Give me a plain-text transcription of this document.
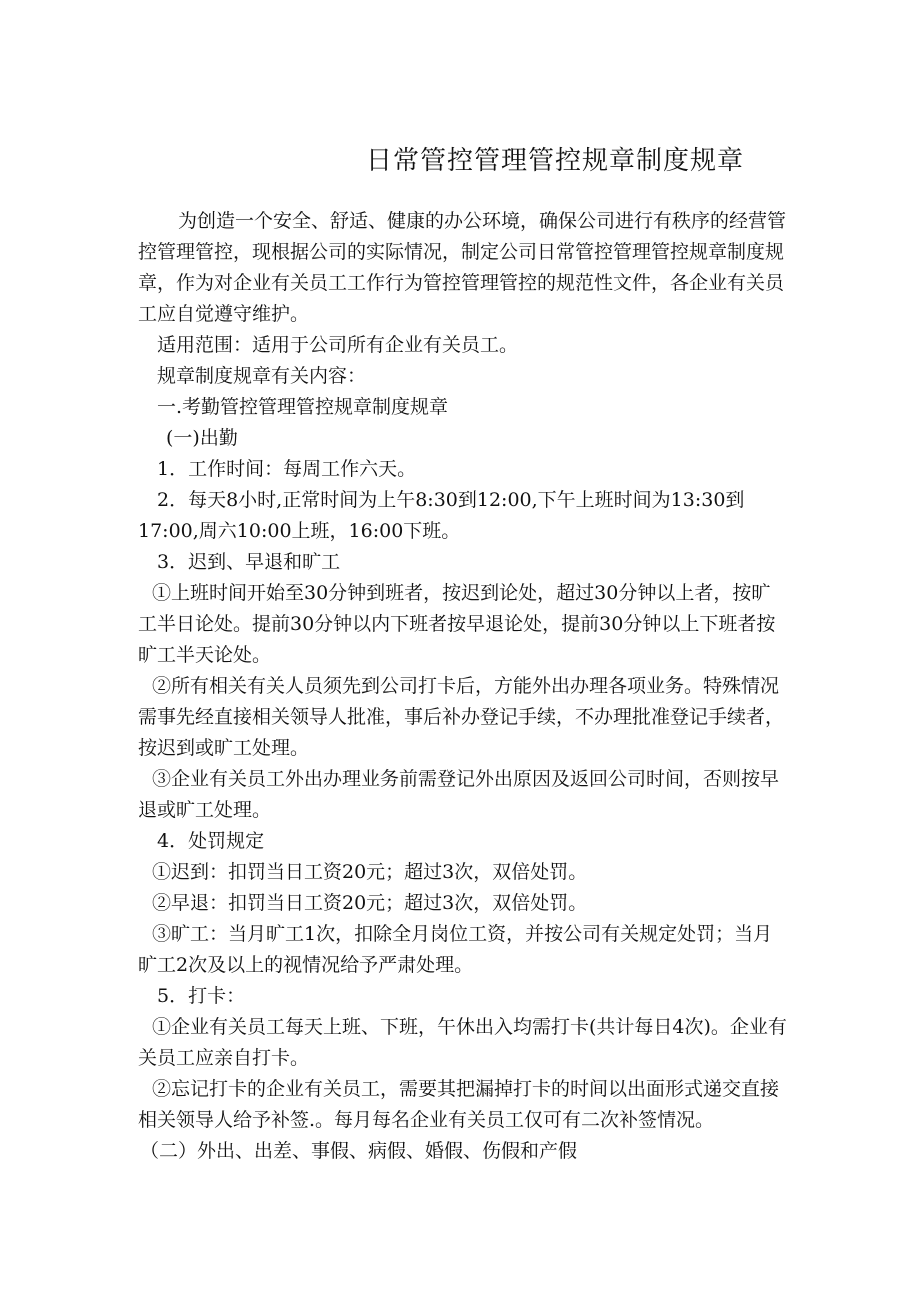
日常管控管理管控规章制度规章

为创造一个安全、舒适、健康的办公环境，确保公司进行有秩序的经营管控管理管控，现根据公司的实际情况，制定公司日常管控管理管控规章制度规章，作为对企业有关员工工作行为管控管理管控的规范性文件，各企业有关员工应自觉遵守维护。

适用范围：适用于公司所有企业有关员工。

规章制度规章有关内容：

一.考勤管控管理管控规章制度规章

(一)出勤

1．工作时间：每周工作六天。

2．每天8小时,正常时间为上午8:30到12:00,下午上班时间为13:30到17:00,周六10:00上班，16:00下班。

3．迟到、早退和旷工

①上班时间开始至30分钟到班者，按迟到论处，超过30分钟以上者，按旷工半日论处。提前30分钟以内下班者按早退论处，提前30分钟以上下班者按旷工半天论处。

②所有相关有关人员须先到公司打卡后，方能外出办理各项业务。特殊情况需事先经直接相关领导人批准，事后补办登记手续，不办理批准登记手续者，按迟到或旷工处理。

③企业有关员工外出办理业务前需登记外出原因及返回公司时间，否则按早退或旷工处理。

4．处罚规定

①迟到：扣罚当日工资20元；超过3次，双倍处罚。

②早退：扣罚当日工资20元；超过3次，双倍处罚。

③旷工：当月旷工1次，扣除全月岗位工资，并按公司有关规定处罚；当月旷工2次及以上的视情况给予严肃处理。

5．打卡：

①企业有关员工每天上班、下班，午休出入均需打卡(共计每日4次)。企业有关员工应亲自打卡。

②忘记打卡的企业有关员工，需要其把漏掉打卡的时间以出面形式递交直接相关领导人给予补签.。每月每名企业有关员工仅可有二次补签情况。

（二）外出、出差、事假、病假、婚假、伤假和产假
